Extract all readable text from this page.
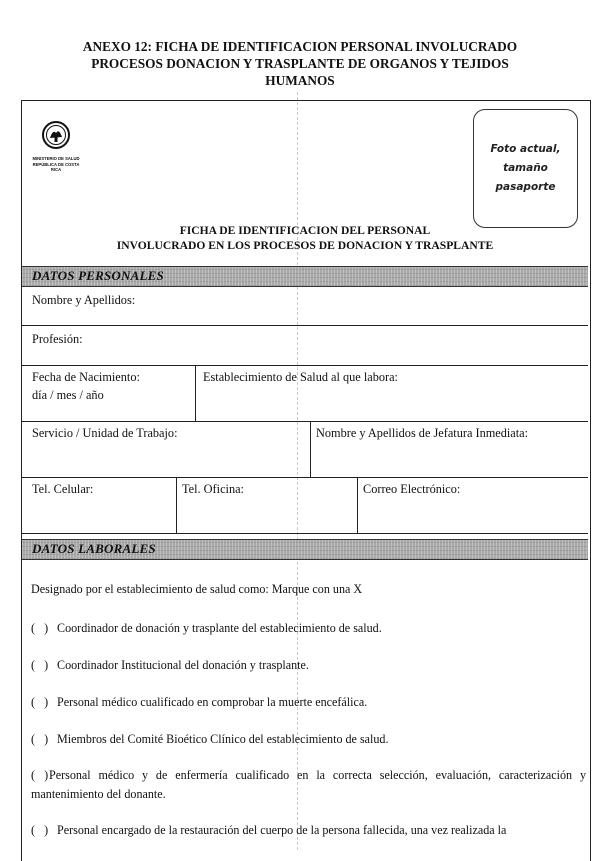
ANEXO 12: FICHA DE IDENTIFICACION PERSONAL INVOLUCRADO
PROCESOS DONACION Y TRASPLANTE DE ORGANOS Y TEJIDOS
HUMANOS
MINISTERIO DE SALUD
REPÚBLICA DE COSTA RICA
Foto actual,
tamaño
pasaporte
FICHA DE IDENTIFICACION DEL PERSONAL
INVOLUCRADO EN LOS PROCESOS DE DONACION Y TRASPLANTE
DATOS PERSONALES
Nombre y Apellidos:
Profesión:
Fecha de Nacimiento:
día / mes / año
Establecimiento de Salud al que labora:
Servicio / Unidad de Trabajo:	Nombre y Apellidos de Jefatura Inmediata:
Tel. Celular:	Tel. Oficina:	Correo Electrónico:
DATOS LABORALES
Designado por el establecimiento de salud como: Marque con una X
(   ) Coordinador de donación y trasplante del establecimiento de salud.
(   ) Coordinador Institucional del donación y trasplante.
(   ) Personal médico cualificado en comprobar la muerte encefálica.
(   ) Miembros del Comité Bioético Clínico del establecimiento de salud.
(   )Personal médico y de enfermería cualificado en la correcta selección, evaluación, caracterización y mantenimiento del donante.
(   ) Personal encargado de la restauración del cuerpo de la persona fallecida, una vez realizada la
